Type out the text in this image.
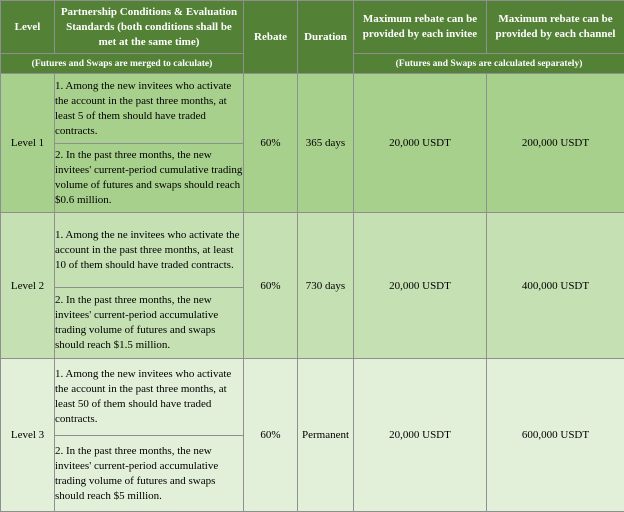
Level	Partnership Conditions & Evaluation Standards (both conditions shall be met at the same time)	Rebate	Duration	Maximum rebate can be provided by each invitee	Maximum rebate can be provided by each channel
(Futures and Swaps are merged to calculate)				(Futures and Swaps are calculated separately)	
Level 1	1. Among the new invitees who activate the account in the past three months, at least 5 of them should have traded contracts.	60%	365 days	20,000 USDT	200,000 USDT
	2. In the past three months, the new invitees' current-period cumulative trading volume of futures and swaps should reach $0.6 million.				
Level 2	1. Among the ne invitees who activate the account in the past three months, at least 10 of them should have traded contracts.	60%	730 days	20,000 USDT	400,000 USDT
	2. In the past three months, the new invitees' current-period accumulative trading volume of futures and swaps should reach $1.5 million.				
Level 3	1. Among the new invitees who activate the account in the past three months, at least 50 of them should have traded contracts.	60%	Permanent	20,000 USDT	600,000 USDT
	2. In the past three months, the new invitees' current-period accumulative trading volume of futures and swaps should reach $5 million.				
